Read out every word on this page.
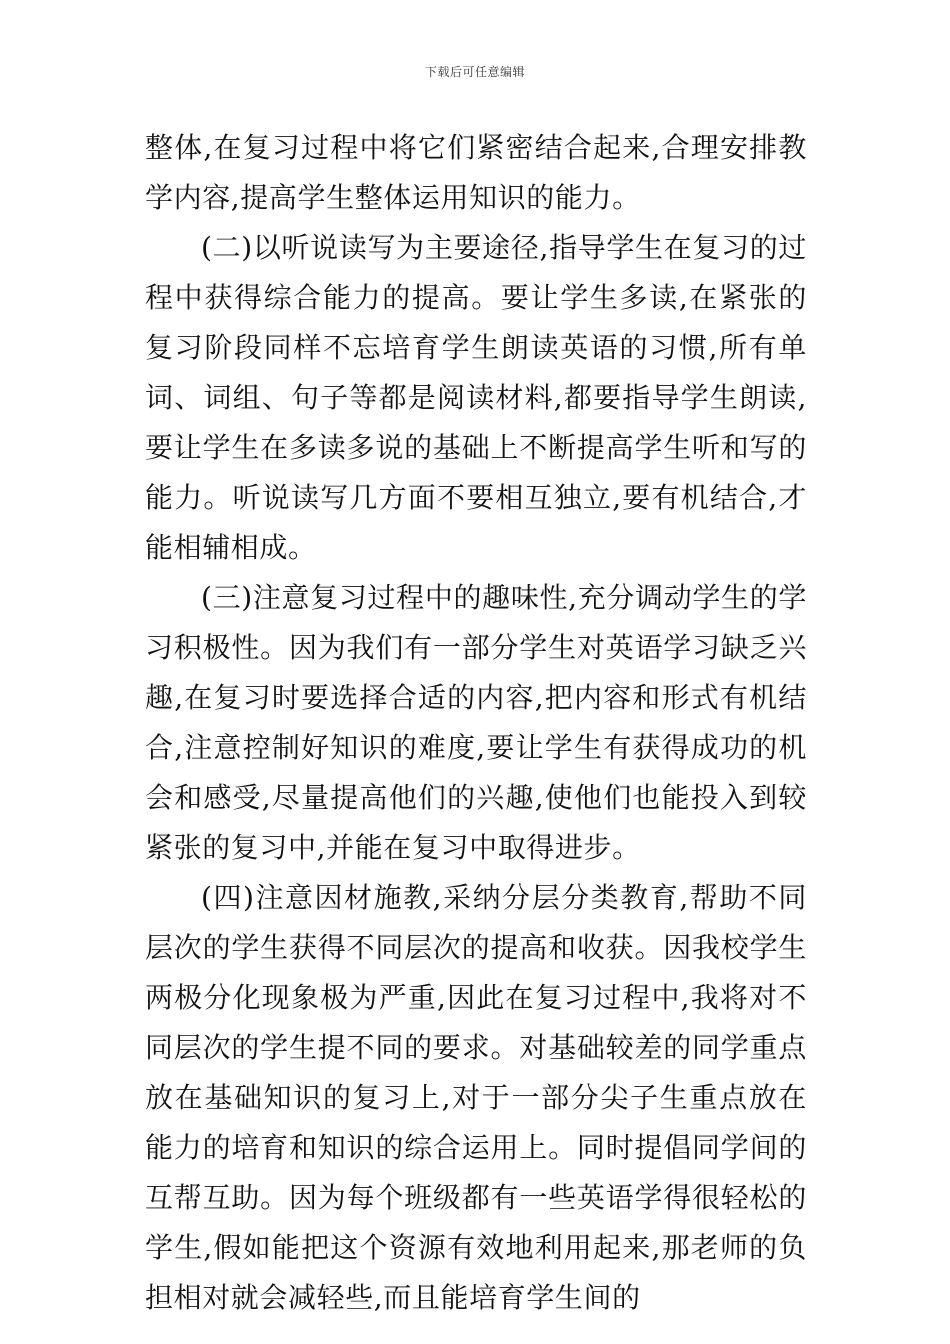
下载后可任意编辑

整体,在复习过程中将它们紧密结合起来,合理安排教学内容,提高学生整体运用知识的能力。

(二)以听说读写为主要途径,指导学生在复习的过程中获得综合能力的提高。要让学生多读,在紧张的复习阶段同样不忘培育学生朗读英语的习惯,所有单词、词组、句子等都是阅读材料,都要指导学生朗读,要让学生在多读多说的基础上不断提高学生听和写的能力。听说读写几方面不要相互独立,要有机结合,才能相辅相成。

(三)注意复习过程中的趣味性,充分调动学生的学习积极性。因为我们有一部分学生对英语学习缺乏兴趣,在复习时要选择合适的内容,把内容和形式有机结合,注意控制好知识的难度,要让学生有获得成功的机会和感受,尽量提高他们的兴趣,使他们也能投入到较紧张的复习中,并能在复习中取得进步。

(四)注意因材施教,采纳分层分类教育,帮助不同层次的学生获得不同层次的提高和收获。因我校学生两极分化现象极为严重,因此在复习过程中,我将对不同层次的学生提不同的要求。对基础较差的同学重点放在基础知识的复习上,对于一部分尖子生重点放在能力的培育和知识的综合运用上。同时提倡同学间的互帮互助。因为每个班级都有一些英语学得很轻松的学生,假如能把这个资源有效地利用起来,那老师的负担相对就会减轻些,而且能培育学生间的
